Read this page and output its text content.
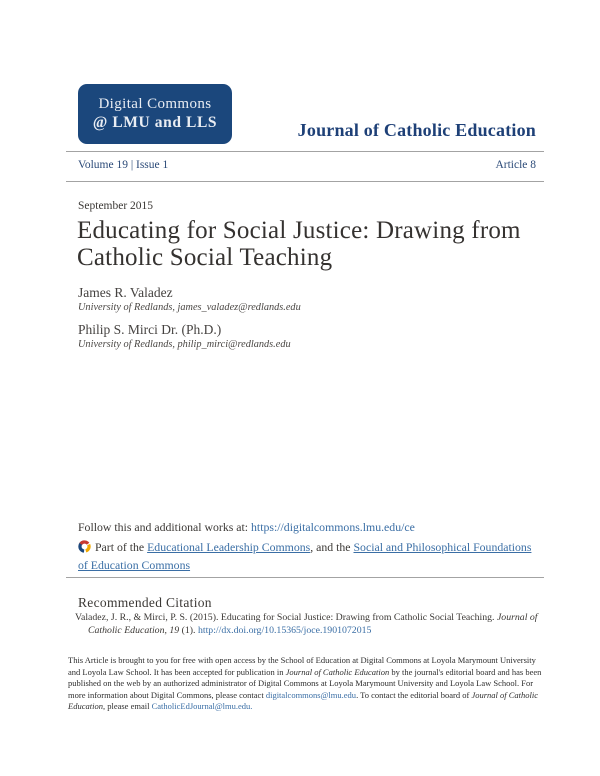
Digital Commons
@ LMU and LLS	Journal of Catholic Education
Volume 19 | Issue 1	Article 8
September 2015
Educating for Social Justice: Drawing from
Catholic Social Teaching
James R. Valadez
University of Redlands, james_valadez@redlands.edu
Philip S. Mirci Dr. (Ph.D.)
University of Redlands, philip_mirci@redlands.edu
Follow this and additional works at: https://digitalcommons.lmu.edu/ce
Part of the Educational Leadership Commons, and the Social and Philosophical Foundations of Education Commons
Recommended Citation
Valadez, J. R., & Mirci, P. S. (2015). Educating for Social Justice: Drawing from Catholic Social Teaching. Journal of Catholic Education, 19 (1). http://dx.doi.org/10.15365/joce.1901072015
This Article is brought to you for free with open access by the School of Education at Digital Commons at Loyola Marymount University and Loyola Law School. It has been accepted for publication in Journal of Catholic Education by the journal's editorial board and has been published on the web by an authorized administrator of Digital Commons at Loyola Marymount University and Loyola Law School. For more information about Digital Commons, please contact digitalcommons@lmu.edu. To contact the editorial board of Journal of Catholic Education, please email CatholicEdJournal@lmu.edu.
